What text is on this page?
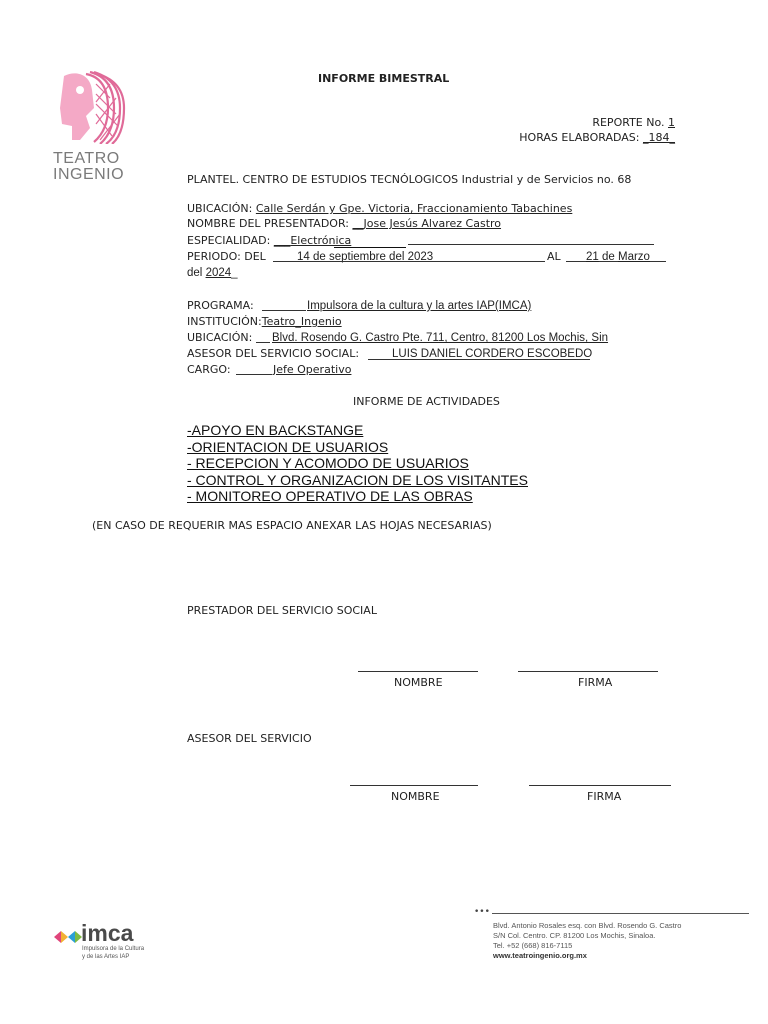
TEATRO
INGENIO
INFORME BIMESTRAL
REPORTE No. 1
HORAS ELABORADAS: _184_
PLANTEL. CENTRO DE ESTUDIOS TECNÓLOGICOS Industrial y de Servicios no. 68
UBICACIÓN: Calle Serdán y Gpe. Victoria, Fraccionamiento Tabachines
NOMBRE DEL PRESENTADOR: __Jose Jesús Alvarez Castro
ESPECIALIDAD: ___Electrónica
PERIODO: DEL	14 de septiembre del 2023	AL 21 de Marzo
del 2024_
PROGRAMA:	Impulsora de la cultura y la artes IAP(IMCA)
INSTITUCIÓN:Teatro_Ingenio
UBICACIÓN: Blvd. Rosendo G. Castro Pte. 711, Centro, 81200 Los Mochis, Sin
ASESOR DEL SERVICIO SOCIAL:	LUIS DANIEL CORDERO ESCOBEDO
CARGO:	Jefe Operativo
INFORME DE ACTIVIDADES
-APOYO EN BACKSTANGE
-ORIENTACION DE USUARIOS
- RECEPCION Y ACOMODO DE USUARIOS
- CONTROL Y ORGANIZACION DE LOS VISITANTES
- MONITOREO OPERATIVO DE LAS OBRAS
(EN CASO DE REQUERIR MAS ESPACIO ANEXAR LAS HOJAS NECESARIAS)
PRESTADOR DEL SERVICIO SOCIAL
NOMBRE	FIRMA
ASESOR DEL SERVICIO
NOMBRE	FIRMA
imca
Impulsora de la Cultura
y de las Artes IAP
•••
Blvd. Antonio Rosales esq. con Blvd. Rosendo G. Castro
S/N Col. Centro. CP. 81200 Los Mochis, Sinaloa.
Tel. +52 (668) 816-7115
www.teatroingenio.org.mx
